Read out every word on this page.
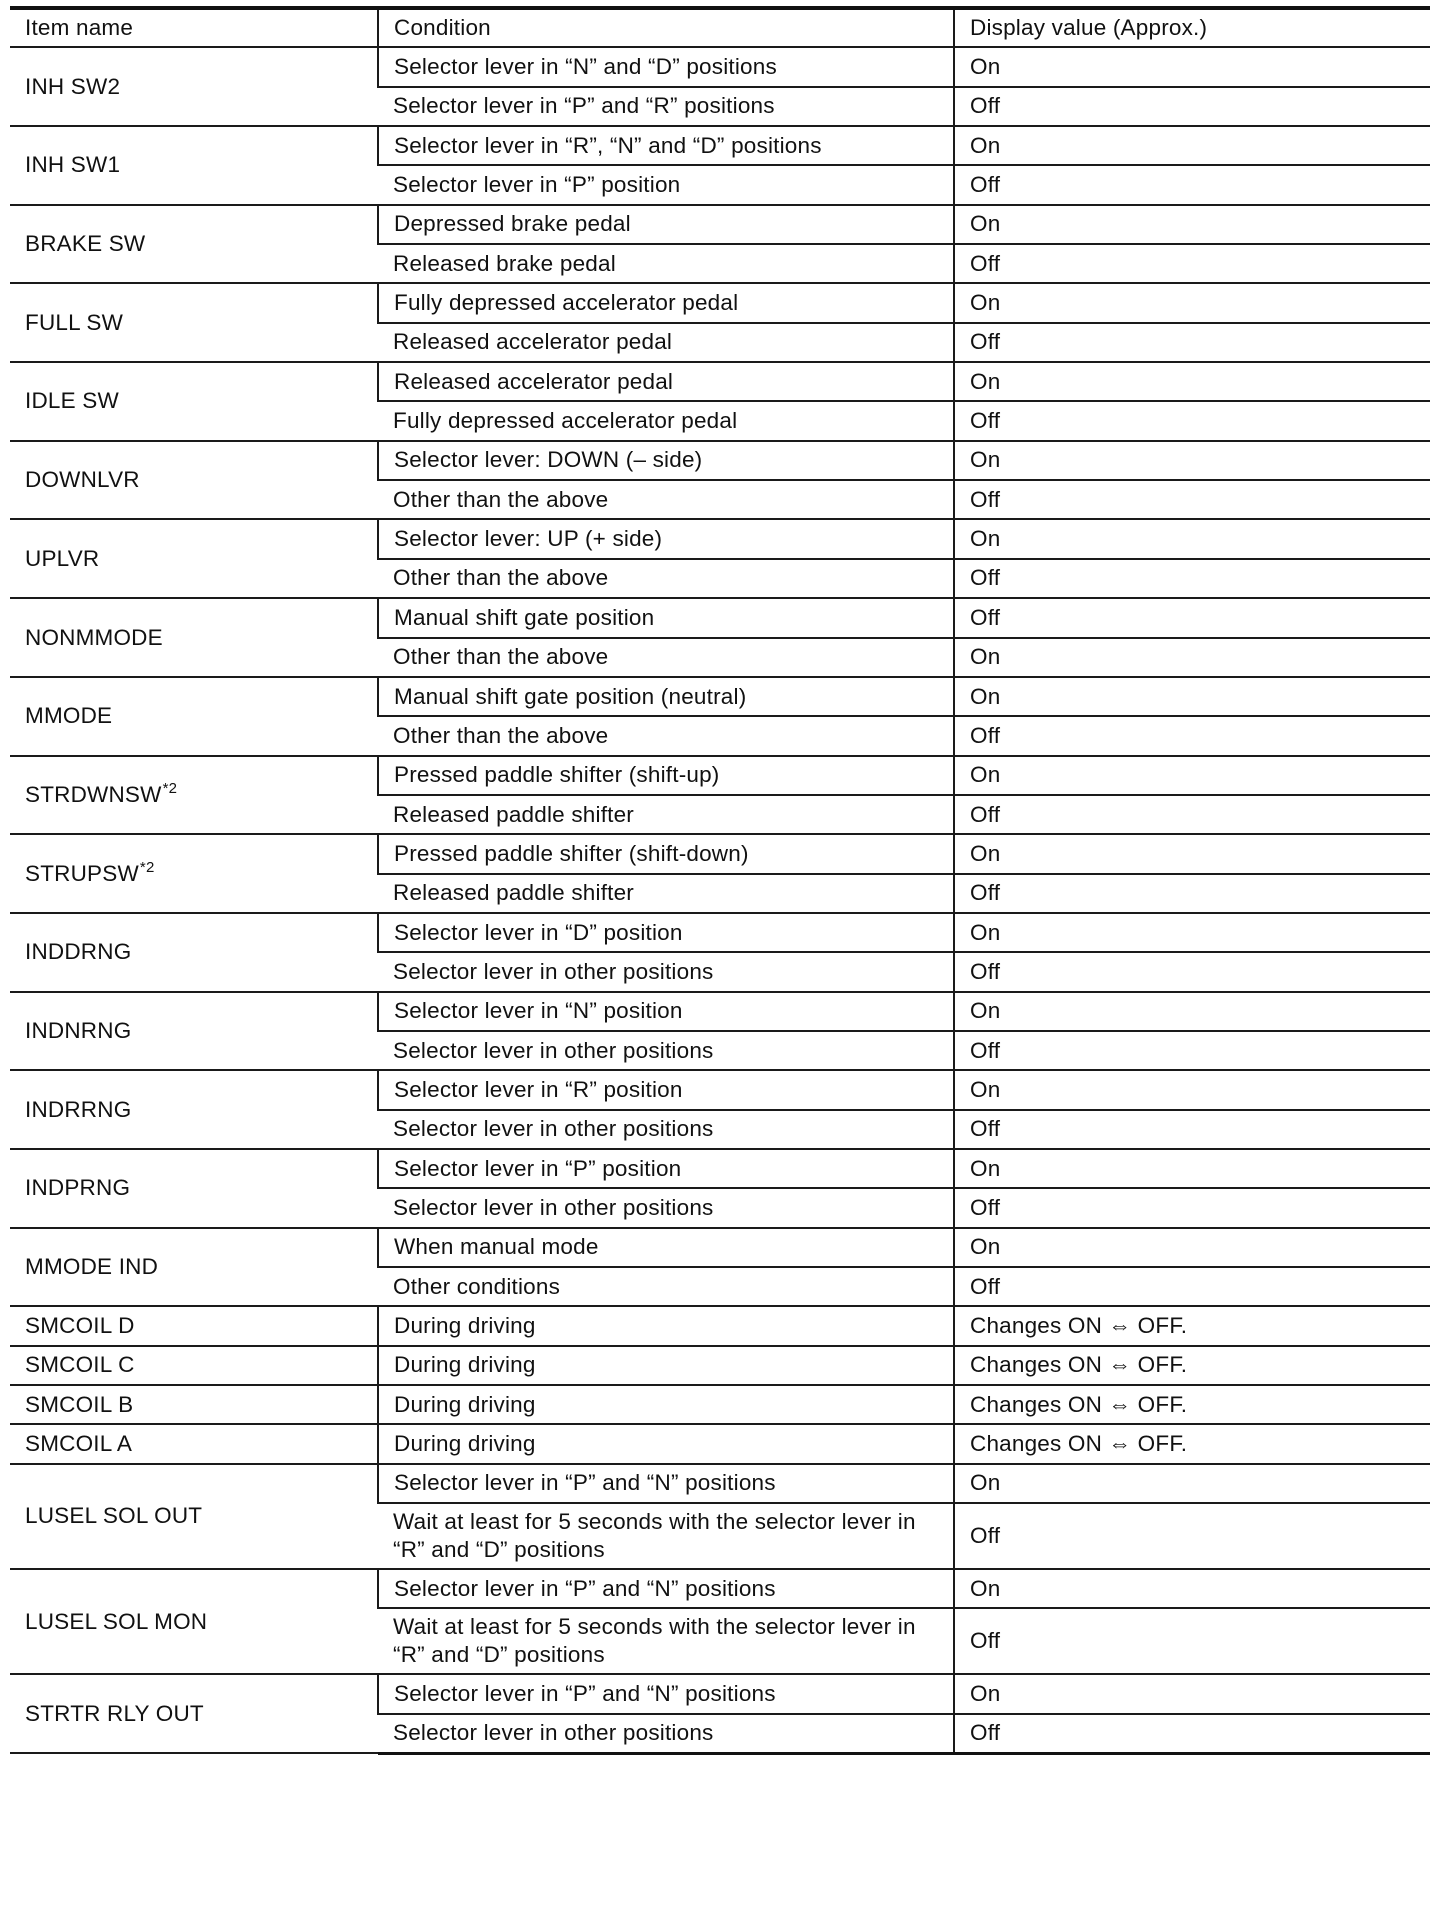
Item name	Condition	Display value (Approx.)
INH SW2	Selector lever in “N” and “D” positions	On
	Selector lever in “P” and “R” positions	Off
INH SW1	Selector lever in “R”, “N” and “D” positions	On
	Selector lever in “P” position	Off
BRAKE SW	Depressed brake pedal	On
	Released brake pedal	Off
FULL SW	Fully depressed accelerator pedal	On
	Released accelerator pedal	Off
IDLE SW	Released accelerator pedal	On
	Fully depressed accelerator pedal	Off
DOWNLVR	Selector lever: DOWN (– side)	On
	Other than the above	Off
UPLVR	Selector lever: UP (+ side)	On
	Other than the above	Off
NONMMODE	Manual shift gate position	Off
	Other than the above	On
MMODE	Manual shift gate position (neutral)	On
	Other than the above	Off
STRDWNSW$^{*2}$	Pressed paddle shifter (shift-up)	On
	Released paddle shifter	Off
STRUPSW$^{*2}$	Pressed paddle shifter (shift-down)	On
	Released paddle shifter	Off
INDDRNG	Selector lever in “D” position	On
	Selector lever in other positions	Off
INDNRNG	Selector lever in “N” position	On
	Selector lever in other positions	Off
INDRRNG	Selector lever in “R” position	On
	Selector lever in other positions	Off
INDPRNG	Selector lever in “P” position	On
	Selector lever in other positions	Off
MMODE IND	When manual mode	On
	Other conditions	Off
SMCOIL D	During driving	Changes ON ⇔ OFF.
SMCOIL C	During driving	Changes ON ⇔ OFF.
SMCOIL B	During driving	Changes ON ⇔ OFF.
SMCOIL A	During driving	Changes ON ⇔ OFF.
LUSEL SOL OUT	Selector lever in “P” and “N” positions	On
	Wait at least for 5 seconds with the selector lever in “R” and “D” positions	Off
LUSEL SOL MON	Selector lever in “P” and “N” positions	On
	Wait at least for 5 seconds with the selector lever in “R” and “D” positions	Off
STRTR RLY OUT	Selector lever in “P” and “N” positions	On
	Selector lever in other positions	Off
